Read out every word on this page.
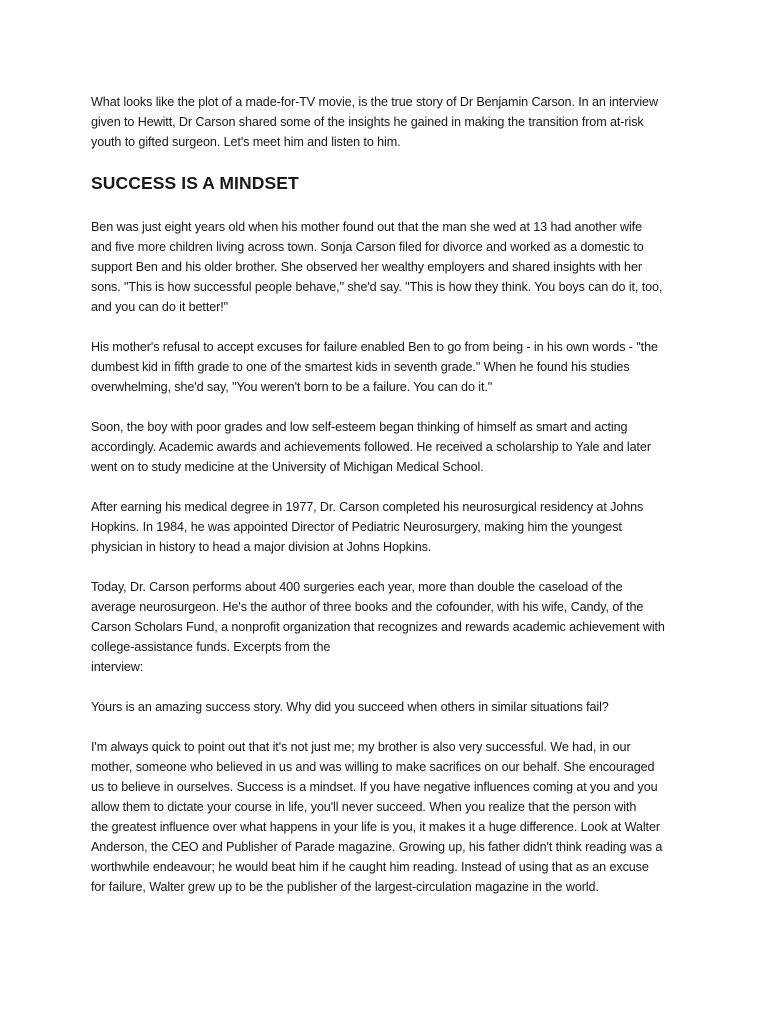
What looks like the plot of a made-for-TV movie, is the true story of Dr Benjamin Carson. In an interview
given to Hewitt, Dr Carson shared some of the insights he gained in making the transition from at-risk
youth to gifted surgeon. Let's meet him and listen to him.

SUCCESS IS A MINDSET

Ben was just eight years old when his mother found out that the man she wed at 13 had another wife
and five more children living across town. Sonja Carson filed for divorce and worked as a domestic to
support Ben and his older brother. She observed her wealthy employers and shared insights with her
sons. "This is how successful people behave," she'd say. "This is how they think. You boys can do it, too,
and you can do it better!"

His mother's refusal to accept excuses for failure enabled Ben to go from being - in his own words - "the
dumbest kid in fifth grade to one of the smartest kids in seventh grade." When he found his studies
overwhelming, she'd say, "You weren't born to be a failure. You can do it."

Soon, the boy with poor grades and low self-esteem began thinking of himself as smart and acting
accordingly. Academic awards and achievements followed. He received a scholarship to Yale and later
went on to study medicine at the University of Michigan Medical School.

After earning his medical degree in 1977, Dr. Carson completed his neurosurgical residency at Johns
Hopkins. In 1984, he was appointed Director of Pediatric Neurosurgery, making him the youngest
physician in history to head a major division at Johns Hopkins.

Today, Dr. Carson performs about 400 surgeries each year, more than double the caseload of the
average neurosurgeon. He's the author of three books and the cofounder, with his wife, Candy, of the
Carson Scholars Fund, a nonprofit organization that recognizes and rewards academic achievement with
college-assistance funds. Excerpts from the
interview:

Yours is an amazing success story. Why did you succeed when others in similar situations fail?

I'm always quick to point out that it's not just me; my brother is also very successful. We had, in our
mother, someone who believed in us and was willing to make sacrifices on our behalf. She encouraged
us to believe in ourselves. Success is a mindset. If you have negative influences coming at you and you
allow them to dictate your course in life, you'll never succeed. When you realize that the person with
the greatest influence over what happens in your life is you, it makes it a huge difference. Look at Walter
Anderson, the CEO and Publisher of Parade magazine. Growing up, his father didn't think reading was a
worthwhile endeavour; he would beat him if he caught him reading. Instead of using that as an excuse
for failure, Walter grew up to be the publisher of the largest-circulation magazine in the world.
